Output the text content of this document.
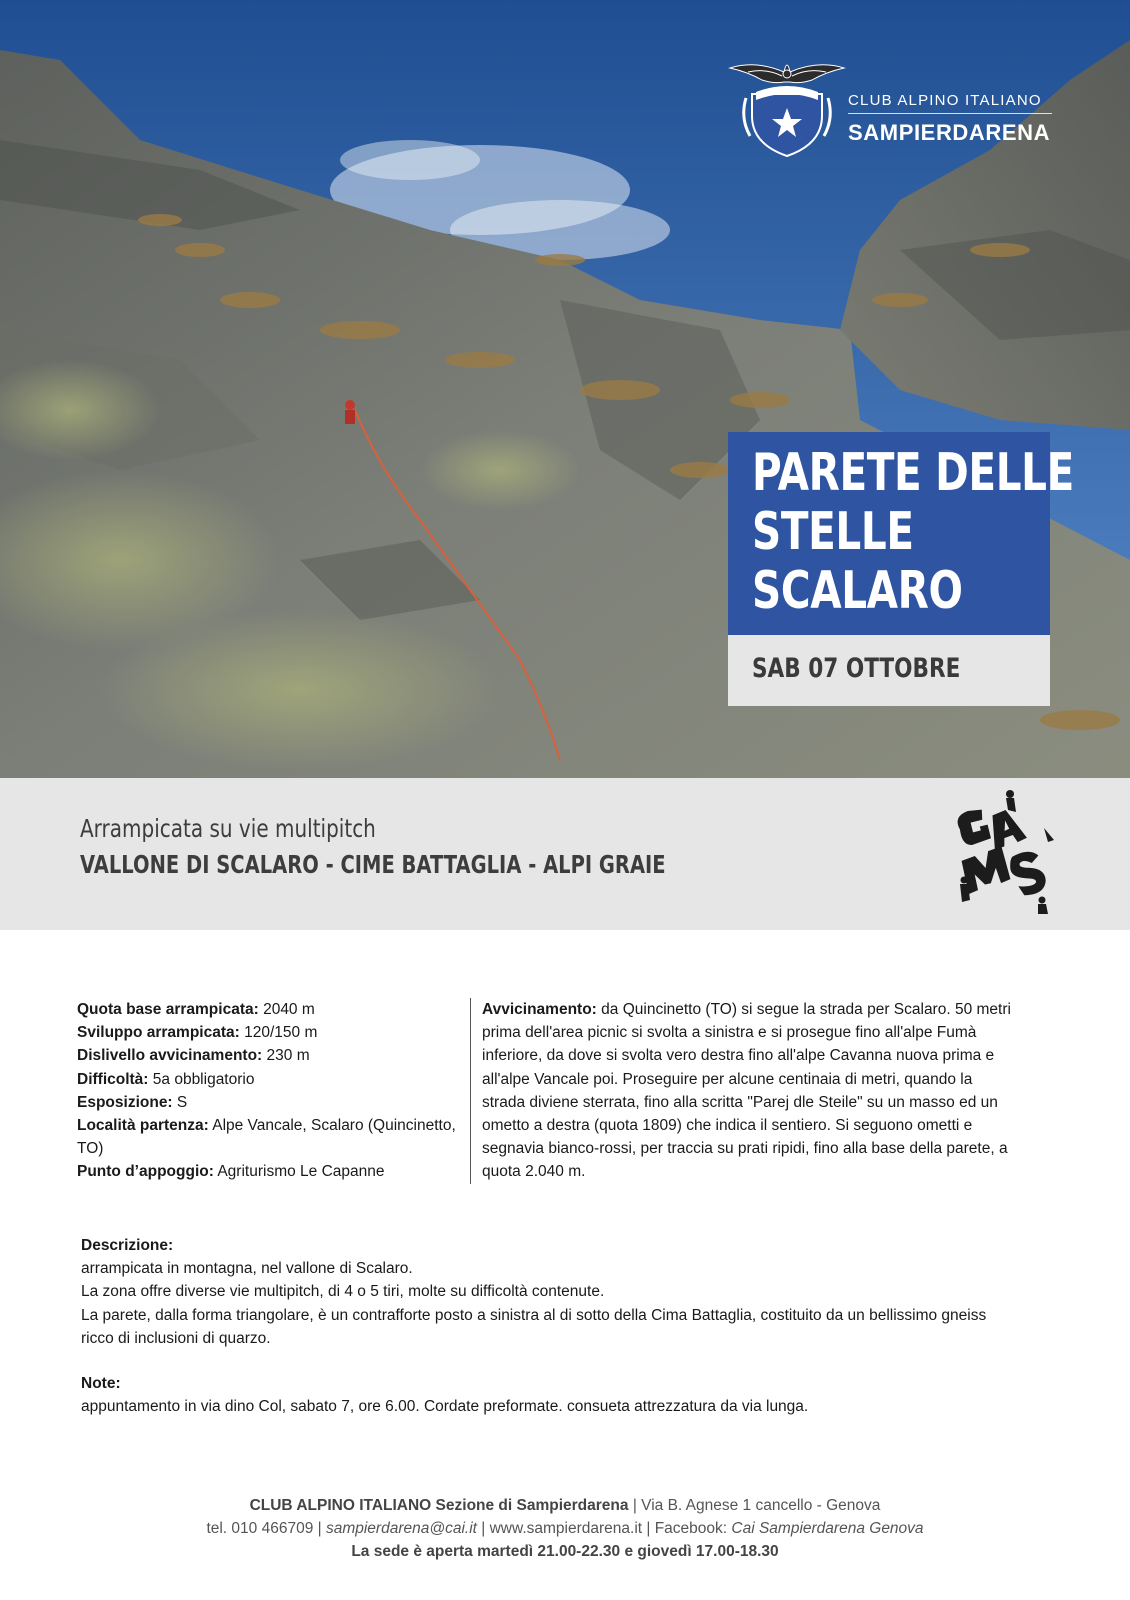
CLUB ALPINO ITALIANO
SAMPIERDARENA
PARETE DELLE
STELLE
SCALARO
SAB 07 OTTOBRE
Arrampicata su vie multipitch
VALLONE DI SCALARO - CIME BATTAGLIA - ALPI GRAIE
Quota base arrampicata: 2040 m
Sviluppo arrampicata: 120/150 m
Dislivello avvicinamento: 230 m
Difficoltà: 5a obbligatorio
Esposizione: S
Località partenza: Alpe Vancale, Scalaro (Quincinetto, TO)
Punto d’appoggio: Agriturismo Le Capanne
Avvicinamento: da Quincinetto (TO) si segue la strada per Scalaro. 50 metri prima dell'area picnic si svolta a sinistra e si prosegue fino all'alpe Fumà inferiore, da dove si svolta vero destra fino all'alpe Cavanna nuova prima e all'alpe Vancale poi. Proseguire per alcune centinaia di metri, quando la strada diviene sterrata, fino alla scritta "Parej dle Steile" su un masso ed un ometto a destra (quota 1809) che indica il sentiero. Si seguono ometti e segnavia bianco-rossi, per traccia su prati ripidi, fino alla base della parete, a quota 2.040 m.
Descrizione:
arrampicata in montagna, nel vallone di Scalaro.
La zona offre diverse vie multipitch, di 4 o 5 tiri, molte su difficoltà contenute.
La parete, dalla forma triangolare, è un contrafforte posto a sinistra al di sotto della Cima Battaglia, costituito da un bellissimo gneiss ricco di inclusioni di quarzo.
Note:
appuntamento in via dino Col, sabato 7, ore 6.00. Cordate preformate. consueta attrezzatura da via lunga.
CLUB ALPINO ITALIANO Sezione di Sampierdarena | Via B. Agnese 1 cancello - Genova
tel. 010 466709 | sampierdarena@cai.it | www.sampierdarena.it | Facebook: Cai Sampierdarena Genova
La sede è aperta martedì 21.00-22.30 e giovedì 17.00-18.30
